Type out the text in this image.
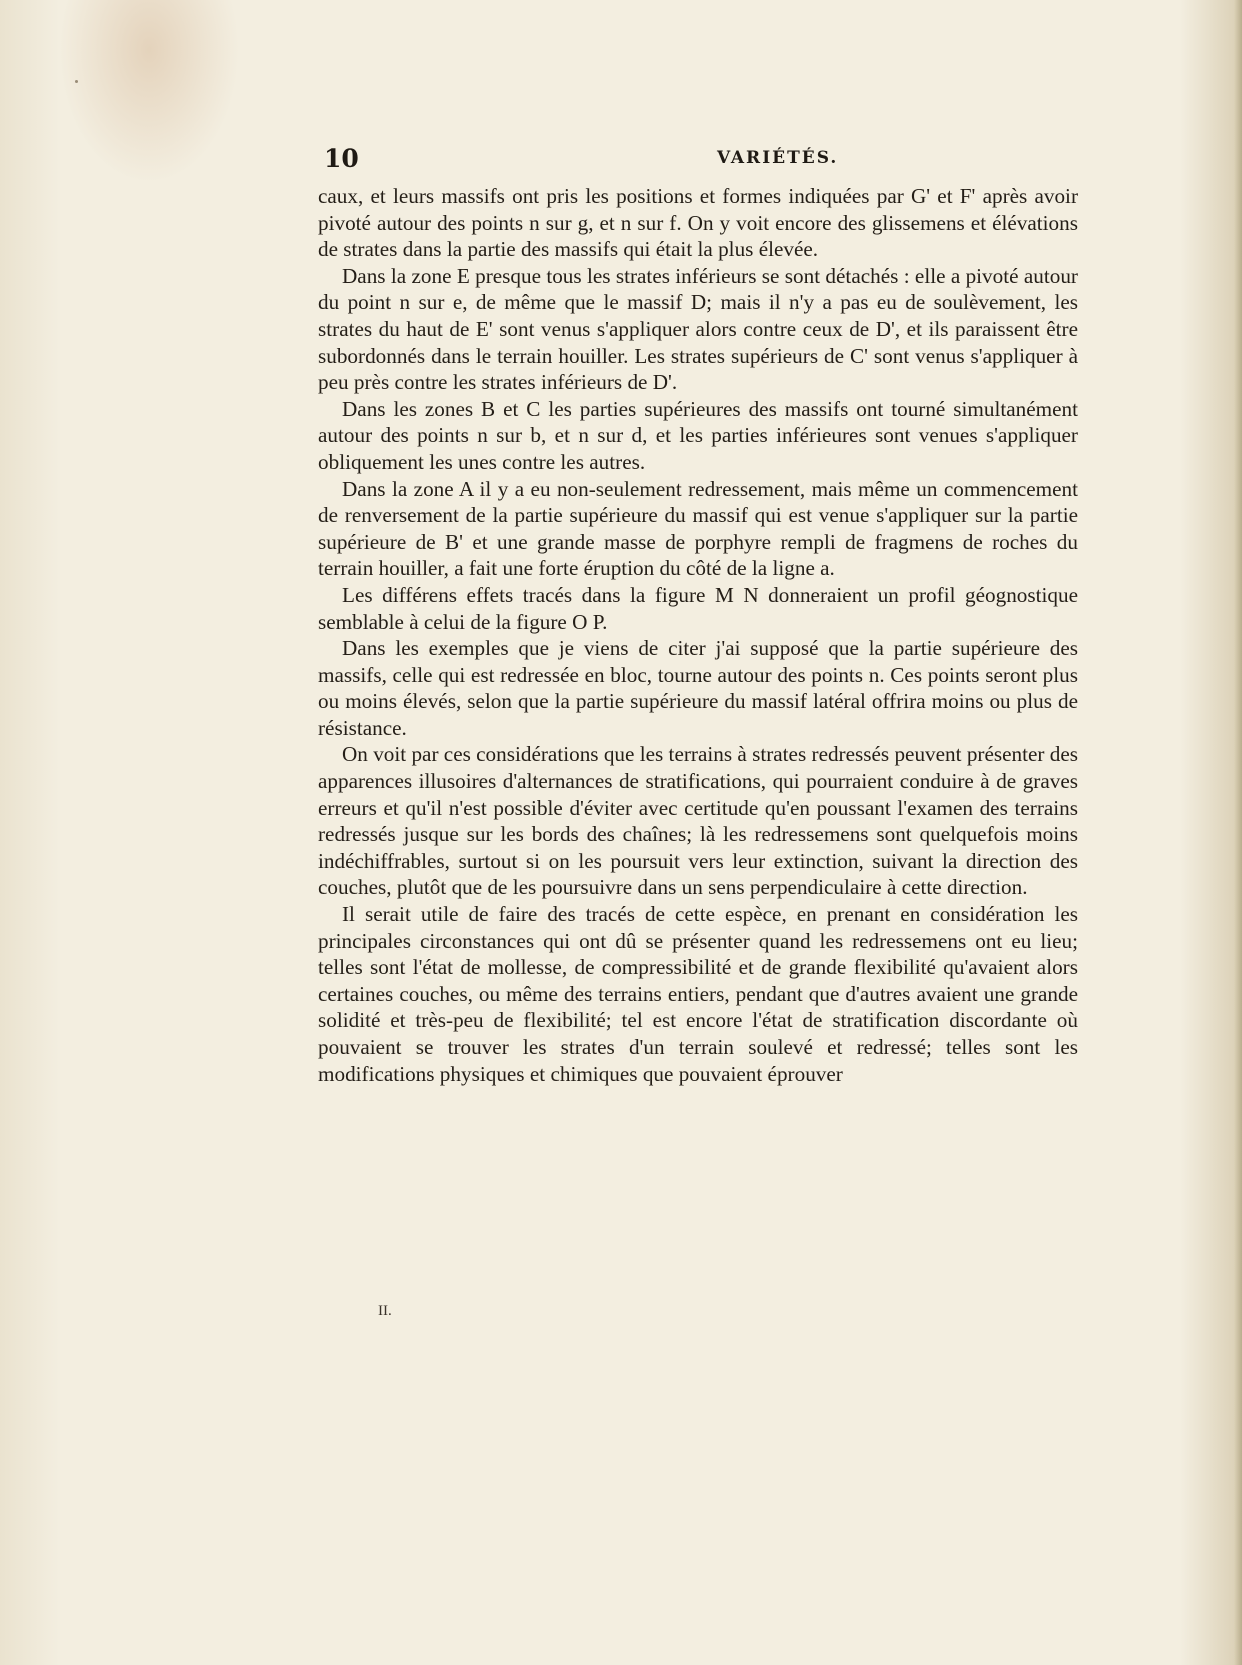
10	VARIÉTÉS.

caux, et leurs massifs ont pris les positions et formes indiquées par G' et F' après avoir pivoté autour des points n sur g, et n sur f. On y voit encore des glissemens et élévations de strates dans la partie des massifs qui était la plus élevée.

Dans la zone E presque tous les strates inférieurs se sont détachés : elle a pivoté autour du point n sur e, de même que le massif D; mais il n'y a pas eu de soulèvement, les strates du haut de E' sont venus s'appliquer alors contre ceux de D', et ils paraissent être subordonnés dans le terrain houiller. Les strates supérieurs de C' sont venus s'appliquer à peu près contre les strates inférieurs de D'.

Dans les zones B et C les parties supérieures des massifs ont tourné simultanément autour des points n sur b, et n sur d, et les parties inférieures sont venues s'appliquer obliquement les unes contre les autres.

Dans la zone A il y a eu non-seulement redressement, mais même un commencement de renversement de la partie supérieure du massif qui est venue s'appliquer sur la partie supérieure de B' et une grande masse de porphyre rempli de fragmens de roches du terrain houiller, a fait une forte éruption du côté de la ligne a.

Les différens effets tracés dans la figure M N donneraient un profil géognostique semblable à celui de la figure O P.

Dans les exemples que je viens de citer j'ai supposé que la partie supérieure des massifs, celle qui est redressée en bloc, tourne autour des points n. Ces points seront plus ou moins élevés, selon que la partie supérieure du massif latéral offrira moins ou plus de résistance.

On voit par ces considérations que les terrains à strates redressés peuvent présenter des apparences illusoires d'alternances de stratifications, qui pourraient conduire à de graves erreurs et qu'il n'est possible d'éviter avec certitude qu'en poussant l'examen des terrains redressés jusque sur les bords des chaînes; là les redressemens sont quelquefois moins indéchiffrables, surtout si on les poursuit vers leur extinction, suivant la direction des couches, plutôt que de les poursuivre dans un sens perpendiculaire à cette direction.

Il serait utile de faire des tracés de cette espèce, en prenant en considération les principales circonstances qui ont dû se présenter quand les redressemens ont eu lieu; telles sont l'état de mollesse, de compressibilité et de grande flexibilité qu'avaient alors certaines couches, ou même des terrains entiers, pendant que d'autres avaient une grande solidité et très-peu de flexibilité; tel est encore l'état de stratification discordante où pouvaient se trouver les strates d'un terrain soulevé et redressé; telles sont les modifications physiques et chimiques que pouvaient éprouver

II.
